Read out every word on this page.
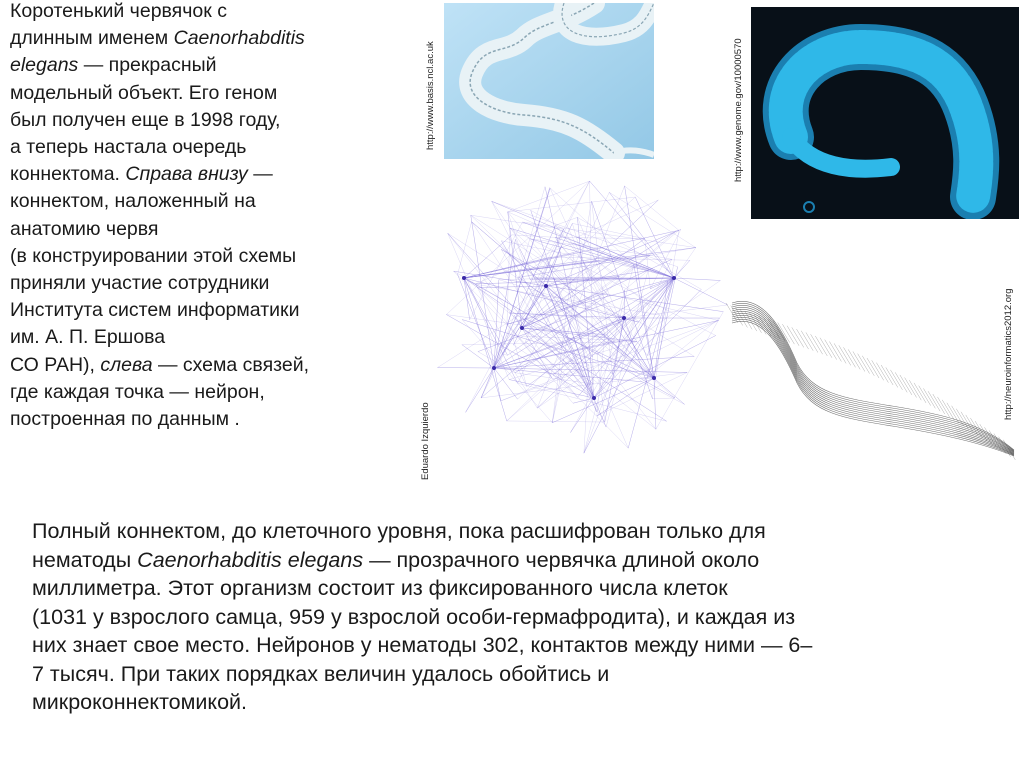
Коротенький червячок с
длинным именем Caenorhabditis
elegans — прекрасный
модельный объект. Его геном
был получен еще в 1998 году,
а теперь настала очередь
коннектома. Справа внизу —
коннектом, наложенный на
анатомию червя
(в конструировании этой схемы
приняли участие сотрудники
Института систем информатики
им. А. П. Ершова
СО РАН), слева — схема связей,
где каждая точка — нейрон,
построенная по данным .
http://www.basis.ncl.ac.uk	http://www.genome.gov/10000570
Eduardo Izquierdo
http://neuroinformatics2012.org
Полный коннектом, до клеточного уровня, пока расшифрован только для
нематоды Caenorhabditis elegans — прозрачного червячка длиной около
миллиметра. Этот организм состоит из фиксированного числа клеток
(1031 у взрослого самца, 959 у взрослой особи-гермафродита), и каждая из
них знает свое место. Нейронов у нематоды 302, контактов между ними — 6–
7 тысяч. При таких порядках величин удалось обойтись и
микроконнектомикой.
